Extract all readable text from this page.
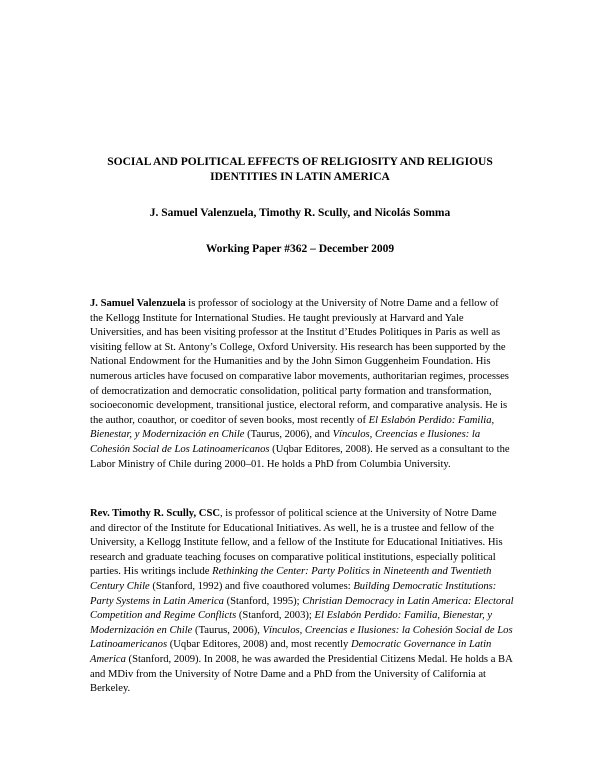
SOCIAL AND POLITICAL EFFECTS OF RELIGIOSITY AND RELIGIOUS
IDENTITIES IN LATIN AMERICA
J. Samuel Valenzuela, Timothy R. Scully, and Nicolás Somma
Working Paper #362 – December 2009

J. Samuel Valenzuela is professor of sociology at the University of Notre Dame and a fellow of the Kellogg Institute for International Studies. He taught previously at Harvard and Yale Universities, and has been visiting professor at the Institut d’Etudes Politiques in Paris as well as visiting fellow at St. Antony’s College, Oxford University. His research has been supported by the National Endowment for the Humanities and by the John Simon Guggenheim Foundation. His numerous articles have focused on comparative labor movements, authoritarian regimes, processes of democratization and democratic consolidation, political party formation and transformation, socioeconomic development, transitional justice, electoral reform, and comparative analysis. He is the author, coauthor, or coeditor of seven books, most recently of El Eslabón Perdido: Familia, Bienestar, y Modernización en Chile (Taurus, 2006), and Vínculos, Creencias e Ilusiones: la Cohesión Social de Los Latinoamericanos (Uqbar Editores, 2008). He served as a consultant to the Labor Ministry of Chile during 2000–01. He holds a PhD from Columbia University.

Rev. Timothy R. Scully, CSC, is professor of political science at the University of Notre Dame and director of the Institute for Educational Initiatives. As well, he is a trustee and fellow of the University, a Kellogg Institute fellow, and a fellow of the Institute for Educational Initiatives. His research and graduate teaching focuses on comparative political institutions, especially political parties. His writings include Rethinking the Center: Party Politics in Nineteenth and Twentieth Century Chile (Stanford, 1992) and five coauthored volumes: Building Democratic Institutions: Party Systems in Latin America (Stanford, 1995); Christian Democracy in Latin America: Electoral Competition and Regime Conflicts (Stanford, 2003); El Eslabón Perdido: Familia, Bienestar, y Modernización en Chile (Taurus, 2006), Vínculos, Creencias e Ilusiones: la Cohesión Social de Los Latinoamericanos (Uqbar Editores, 2008) and, most recently Democratic Governance in Latin America (Stanford, 2009). In 2008, he was awarded the Presidential Citizens Medal. He holds a BA and MDiv from the University of Notre Dame and a PhD from the University of California at Berkeley.
